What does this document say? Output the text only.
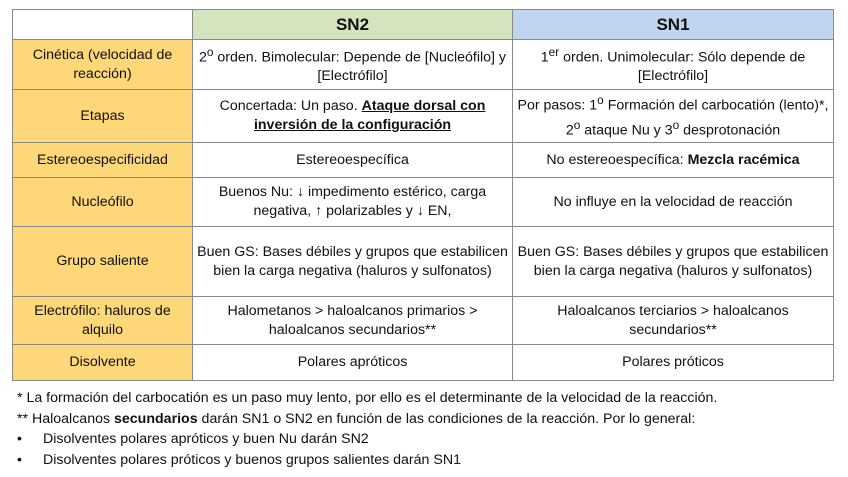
	SN2	SN1
Cinética (velocidad de reacción)	2$^o$ orden. Bimolecular: Depende de [Nucleófilo] y [Electrófilo]	1er orden. Unimolecular: Sólo depende de [Electrófilo]
Etapas	Concertada: Un paso. Ataque dorsal con inversión de la configuración	Por pasos: 1$^o$ Formación del carbocatión (lento)*, 2$^o$ ataque Nu y 3$^o$ desprotonación
Estereoespecificidad	Estereoespecífica	No estereoespecífica: Mezcla racémica
Nucleófilo	Buenos Nu: ↓ impedimento estérico, carga negativa, ↑ polarizables y ↓ EN,	No influye en la velocidad de reacción
Grupo saliente	Buen GS: Bases débiles y grupos que estabilicen bien la carga negativa (haluros y sulfonatos)	Buen GS: Bases débiles y grupos que estabilicen bien la carga negativa (haluros y sulfonatos)
Electrófilo: haluros de alquilo	Halometanos > haloalcanos primarios > haloalcanos secundarios**	Haloalcanos terciarios > haloalcanos secundarios**
Disolvente	Polares apróticos	Polares próticos

* La formación del carbocatión es un paso muy lento, por ello es el determinante de la velocidad de la reacción.

** Haloalcanos secundarios darán SN1 o SN2 en función de las condiciones de la reacción. Por lo general:

• Disolventes polares apróticos y buen Nu darán SN2
• Disolventes polares próticos y buenos grupos salientes darán SN1
